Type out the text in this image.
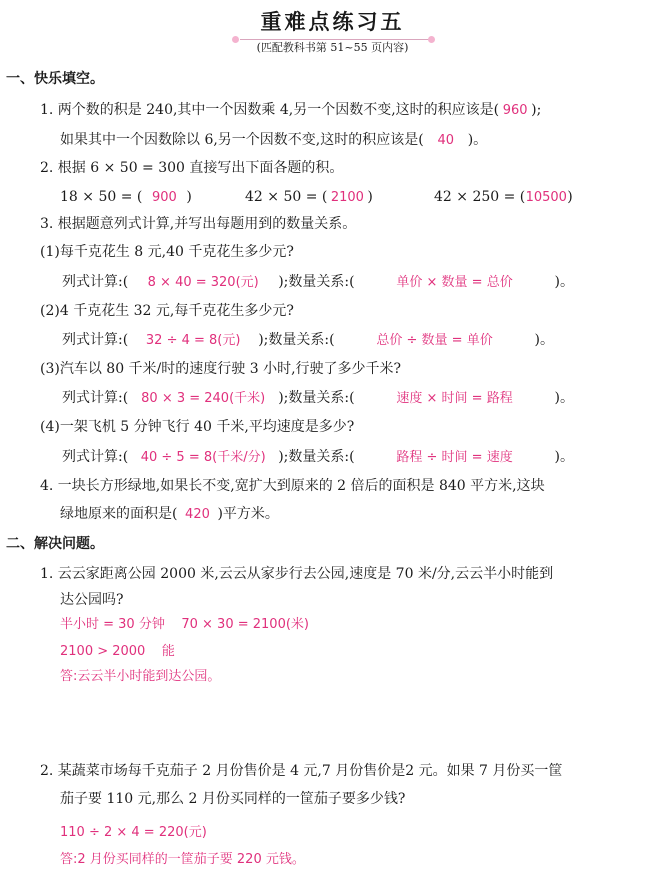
重难点练习五
(匹配教科书第 51~55 页内容)
一、快乐填空。
1. 两个数的积是 240,其中一个因数乘 4,另一个因数不变,这时的积应该是( 960 );
如果其中一个因数除以 6,另一个因数不变,这时的积应该是( 40 )。
2. 根据 6 × 50 = 300 直接写出下面各题的积。
18 × 50 = ( 900 )	42 × 50 = ( 2100 )	42 × 250 = (10500)
3. 根据题意列式计算,并写出每题用到的数量关系。
(1)每千克花生 8 元,40 千克花生多少元?
列式计算:( 8 × 40 = 320(元) );数量关系:(	单价 × 数量 = 总价	)。
(2)4 千克花生 32 元,每千克花生多少元?
列式计算:( 32 ÷ 4 = 8(元) );数量关系:(	总价 ÷ 数量 = 单价	)。
(3)汽车以 80 千米/时的速度行驶 3 小时,行驶了多少千米?
列式计算:( 80 × 3 = 240(千米) );数量关系:(	速度 × 时间 = 路程	)。
(4)一架飞机 5 分钟飞行 40 千米,平均速度是多少?
列式计算:( 40 ÷ 5 = 8(千米/分) );数量关系:(	路程 ÷ 时间 = 速度	)。
4. 一块长方形绿地,如果长不变,宽扩大到原来的 2 倍后的面积是 840 平方米,这块
绿地原来的面积是( 420 )平方米。
二、解决问题。
1. 云云家距离公园 2000 米,云云从家步行去公园,速度是 70 米/分,云云半小时能到
达公园吗?
半小时 = 30 分钟    70 × 30 = 2100(米)
2100 > 2000    能
答:云云半小时能到达公园。
2. 某蔬菜市场每千克茄子 2 月份售价是 4 元,7 月份售价是2 元。如果 7 月份买一筐
茄子要 110 元,那么 2 月份买同样的一筐茄子要多少钱?
110 ÷ 2 × 4 = 220(元)
答:2 月份买同样的一筐茄子要 220 元钱。
